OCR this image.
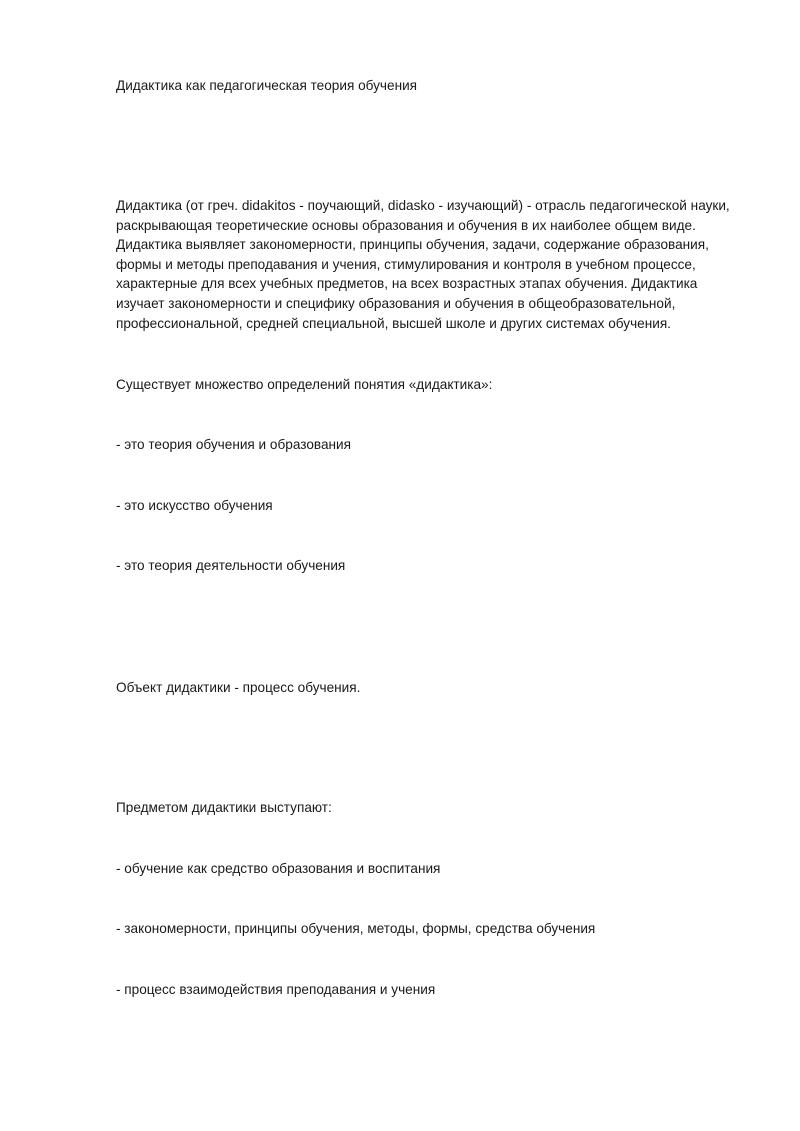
Дидактика как педагогическая теория обучения

Дидактика (от греч. didakitos - поучающий, didasko - изучающий) - отрасль педагогической науки, раскрывающая теоретические основы образования и обучения в их наиболее общем виде. Дидактика выявляет закономерности, принципы обучения, задачи, содержание образования, формы и методы преподавания и учения, стимулирования и контроля в учебном процессе, характерные для всех учебных предметов, на всех возрастных этапах обучения. Дидактика изучает закономерности и специфику образования и обучения в общеобразовательной, профессиональной, средней специальной, высшей школе и других системах обучения.

Существует множество определений понятия «дидактика»:

- это теория обучения и образования

- это искусство обучения

- это теория деятельности обучения

Объект дидактики - процесс обучения.

Предметом дидактики выступают:

- обучение как средство образования и воспитания

- закономерности, принципы обучения, методы, формы, средства обучения

- процесс взаимодействия преподавания и учения
